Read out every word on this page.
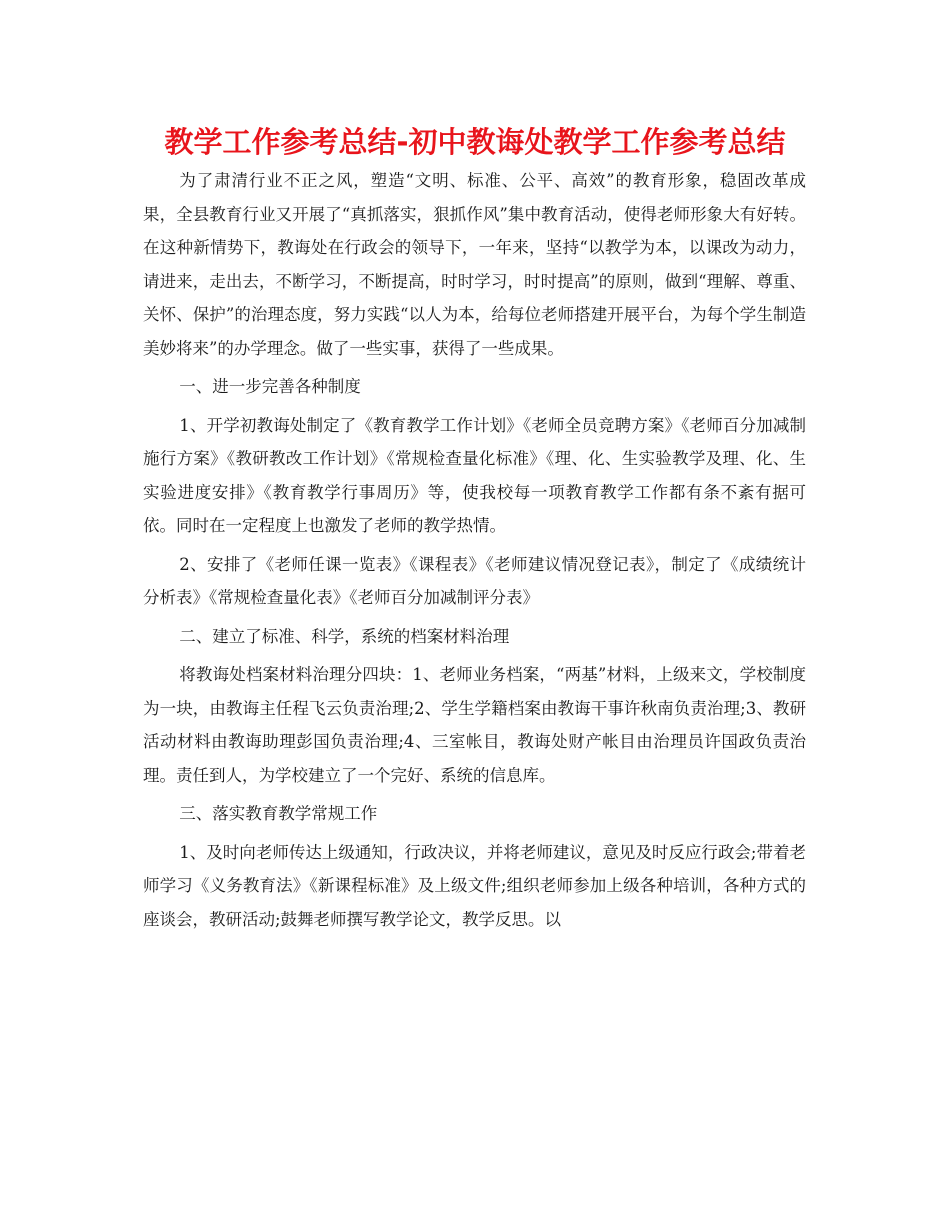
教学工作参考总结-初中教诲处教学工作参考总结

为了肃清行业不正之风，塑造“文明、标准、公平、高效”的教育形象，稳固改革成果，全县教育行业又开展了“真抓落实，狠抓作风”集中教育活动，使得老师形象大有好转。在这种新情势下，教诲处在行政会的领导下，一年来，坚持“以教学为本，以课改为动力，请进来，走出去，不断学习，不断提高，时时学习，时时提高”的原则，做到“理解、尊重、关怀、保护”的治理态度，努力实践“以人为本，给每位老师搭建开展平台，为每个学生制造美妙将来”的办学理念。做了一些实事，获得了一些成果。

一、进一步完善各种制度

1、开学初教诲处制定了《教育教学工作计划》《老师全员竞聘方案》《老师百分加减制施行方案》《教研教改工作计划》《常规检查量化标准》《理、化、生实验教学及理、化、生实验进度安排》《教育教学行事周历》等，使我校每一项教育教学工作都有条不紊有据可依。同时在一定程度上也激发了老师的教学热情。

2、安排了《老师任课一览表》《课程表》《老师建议情况登记表》，制定了《成绩统计分析表》《常规检查量化表》《老师百分加减制评分表》

二、建立了标准、科学，系统的档案材料治理

将教诲处档案材料治理分四块：1、老师业务档案，“两基”材料，上级来文，学校制度为一块，由教诲主任程飞云负责治理;2、学生学籍档案由教诲干事许秋南负责治理;3、教研活动材料由教诲助理彭国负责治理;4、三室帐目，教诲处财产帐目由治理员许国政负责治理。责任到人，为学校建立了一个完好、系统的信息库。

三、落实教育教学常规工作

1、及时向老师传达上级通知，行政决议，并将老师建议，意见及时反应行政会;带着老师学习《义务教育法》《新课程标准》及上级文件;组织老师参加上级各种培训，各种方式的座谈会，教研活动;鼓舞老师撰写教学论文，教学反思。以
